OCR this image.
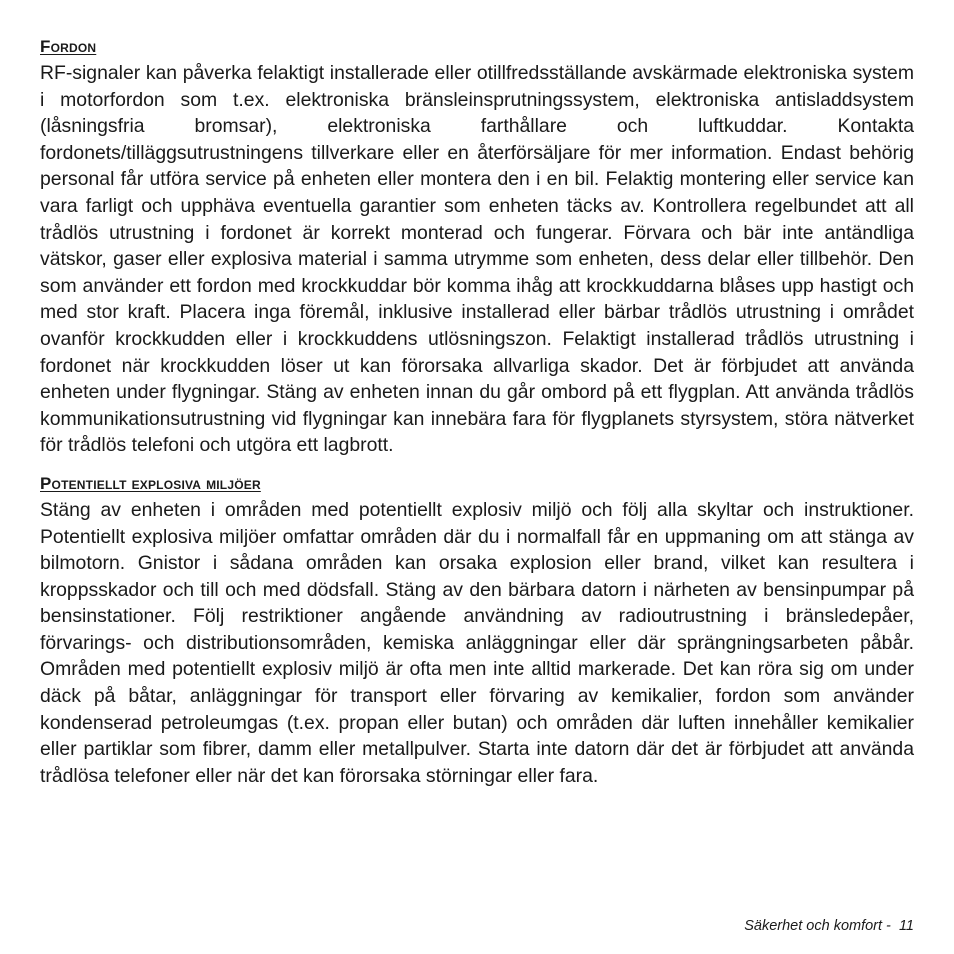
Fordon

RF-signaler kan påverka felaktigt installerade eller otillfredsställande avskärmade elektroniska system i motorfordon som t.ex. elektroniska bränsleinsprutningssystem, elektroniska antisladdsystem (låsningsfria bromsar), elektroniska farthållare och luftkuddar. Kontakta fordonets/tilläggsutrustningens tillverkare eller en återförsäljare för mer information. Endast behörig personal får utföra service på enheten eller montera den i en bil. Felaktig montering eller service kan vara farligt och upphäva eventuella garantier som enheten täcks av. Kontrollera regelbundet att all trådlös utrustning i fordonet är korrekt monterad och fungerar. Förvara och bär inte antändliga vätskor, gaser eller explosiva material i samma utrymme som enheten, dess delar eller tillbehör. Den som använder ett fordon med krockkuddar bör komma ihåg att krockkuddarna blåses upp hastigt och med stor kraft. Placera inga föremål, inklusive installerad eller bärbar trådlös utrustning i området ovanför krockkudden eller i krockkuddens utlösningszon. Felaktigt installerad trådlös utrustning i fordonet när krockkudden löser ut kan förorsaka allvarliga skador. Det är förbjudet att använda enheten under flygningar. Stäng av enheten innan du går ombord på ett flygplan. Att använda trådlös kommunikationsutrustning vid flygningar kan innebära fara för flygplanets styrsystem, störa nätverket för trådlös telefoni och utgöra ett lagbrott.

Potentiellt explosiva miljöer

Stäng av enheten i områden med potentiellt explosiv miljö och följ alla skyltar och instruktioner. Potentiellt explosiva miljöer omfattar områden där du i normalfall får en uppmaning om att stänga av bilmotorn. Gnistor i sådana områden kan orsaka explosion eller brand, vilket kan resultera i kroppsskador och till och med dödsfall. Stäng av den bärbara datorn i närheten av bensinpumpar på bensinstationer. Följ restriktioner angående användning av radioutrustning i bränsledepåer, förvarings- och distributionsområden, kemiska anläggningar eller där sprängningsarbeten påbår. Områden med potentiellt explosiv miljö är ofta men inte alltid markerade. Det kan röra sig om under däck på båtar, anläggningar för transport eller förvaring av kemikalier, fordon som använder kondenserad petroleumgas (t.ex. propan eller butan) och områden där luften innehåller kemikalier eller partiklar som fibrer, damm eller metallpulver. Starta inte datorn där det är förbjudet att använda trådlösa telefoner eller när det kan förorsaka störningar eller fara.

Säkerhet och komfort -  11
